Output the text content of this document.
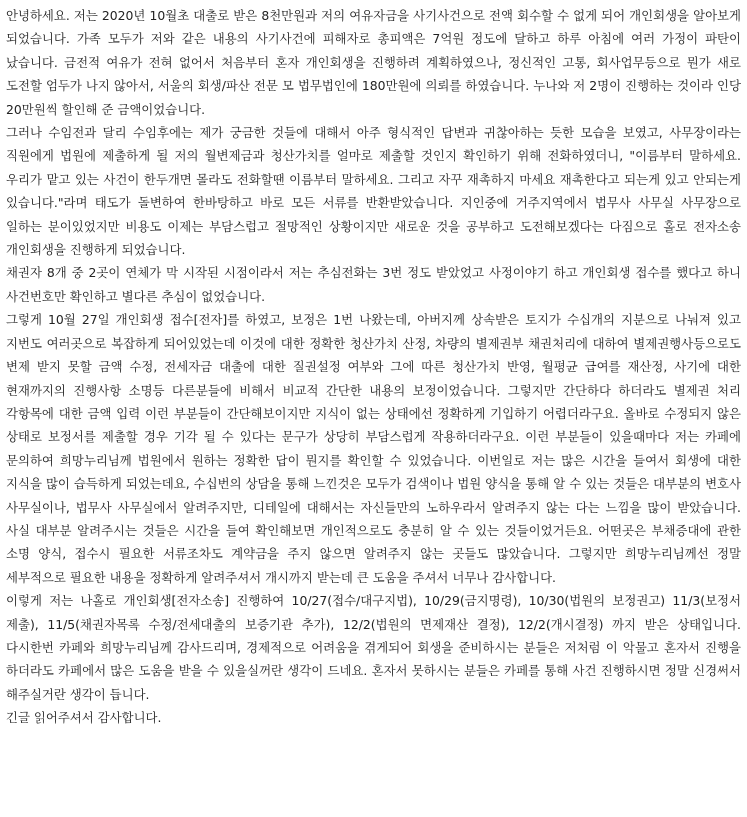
안녕하세요. 저는 2020년 10월초 대출로 받은 8천만원과 저의 여유자금을 사기사건으로 전액 회수할 수 없게 되어 개인회생을 알아보게 되었습니다. 가족 모두가 저와 같은 내용의 사기사건에 피해자로 총피액은 7억원 정도에 달하고 하루 아침에 여러 가정이 파탄이 났습니다. 금전적 여유가 전혀 없어서 처음부터 혼자 개인회생을 진행하려 계획하였으나, 정신적인 고통, 회사업무등으로 뭔가 새로 도전할 엄두가 나지 않아서, 서울의 회생/파산 전문 모 법무법인에 180만원에 의뢰를 하였습니다. 누나와 저 2명이 진행하는 것이라 인당 20만원씩 할인해 준 금액이었습니다.

그러나 수임전과 달리 수임후에는 제가 궁금한 것들에 대해서 아주 형식적인 답변과 귀찮아하는 듯한 모습을 보였고, 사무장이라는 직원에게 법원에 제출하게 될 저의 월변제금과 청산가치를 얼마로 제출할 것인지 확인하기 위해 전화하였더니, "이름부터 말하세요. 우리가 맡고 있는 사건이 한두개면 몰라도 전화할땐 이름부터 말하세요. 그리고 자꾸 재촉하지 마세요 재촉한다고 되는게 있고 안되는게 있습니다."라며 태도가 돌변하여 한바탕하고 바로 모든 서류를 반환받았습니다. 지인중에 거주지역에서 법무사 사무실 사무장으로 일하는 분이있었지만 비용도 이제는 부담스럽고 절망적인 상황이지만 새로운 것을 공부하고 도전해보겠다는 다짐으로 홀로 전자소송 개인회생을 진행하게 되었습니다.

채권자 8개 중 2곳이 연체가 막 시작된 시점이라서 저는 추심전화는 3번 정도 받았었고 사정이야기 하고 개인회생 접수를 했다고 하니 사건번호만 확인하고 별다른 추심이 없었습니다.

그렇게 10월 27일 개인회생 접수[전자]를 하였고, 보정은 1번 나왔는데, 아버지께 상속받은 토지가 수십개의 지분으로 나눠져 있고 지번도 여러곳으로 복잡하게 되어있었는데 이것에 대한 정확한 청산가치 산정, 차량의 별제권부 채권처리에 대하여 별제권행사등으로도 변제 받지 못할 금액 수정, 전세자금 대출에 대한 질권설정 여부와 그에 따른 청산가치 반영, 월평균 급여를 재산정, 사기에 대한 현재까지의 진행사항 소명등 다른분들에 비해서 비교적 간단한 내용의 보정이었습니다. 그렇지만 간단하다 하더라도 별제권 처리 각항목에 대한 금액 입력 이런 부분들이 간단해보이지만 지식이 없는 상태에선 정확하게 기입하기 어렵더라구요. 올바로 수정되지 않은 상태로 보정서를 제출할 경우 기각 될 수 있다는 문구가 상당히 부담스럽게 작용하더라구요. 이런 부분들이 있을때마다 저는 카페에 문의하여 희망누리님께 법원에서 원하는 정확한 답이 뭔지를 확인할 수 있었습니다. 이번일로 저는 많은 시간을 들여서 회생에 대한 지식을 많이 습득하게 되었는데요, 수십번의 상담을 통해 느낀것은 모두가 검색이나 법원 양식을 통해 알 수 있는 것들은 대부분의 변호사 사무실이나, 법무사 사무실에서 알려주지만, 디테일에 대해서는 자신들만의 노하우라서 알려주지 않는 다는 느낌을 많이 받았습니다. 사실 대부분 알려주시는 것들은 시간을 들여 확인해보면 개인적으로도 충분히 알 수 있는 것들이었거든요. 어떤곳은 부채증대에 관한 소명 양식, 접수시 필요한 서류조차도 계약금을 주지 않으면 알려주지 않는 곳들도 많았습니다. 그렇지만 희망누리님께선 정말 세부적으로 필요한 내용을 정확하게 알려주셔서 개시까지 받는데 큰 도움을 주셔서 너무나 감사합니다.

이렇게 저는 나홀로 개인회생[전자소송] 진행하여 10/27(접수/대구지법), 10/29(금지명령), 10/30(법원의 보정권고) 11/3(보정서 제출), 11/5(채권자목록 수정/전세대출의 보증기관 추가), 12/2(법원의 면제재산 결정), 12/2(개시결정) 까지 받은 상태입니다. 다시한번 카페와 희망누리님께 감사드리며, 경제적으로 어려움을 겪게되어 회생을 준비하시는 분들은 저처럼 이 악물고 혼자서 진행을 하더라도 카페에서 많은 도움을 받을 수 있을실꺼란 생각이 드네요. 혼자서 못하시는 분들은 카페를 통해 사건 진행하시면 정말 신경써서 해주실거란 생각이 듭니다.

긴글 읽어주셔서 감사합니다.
